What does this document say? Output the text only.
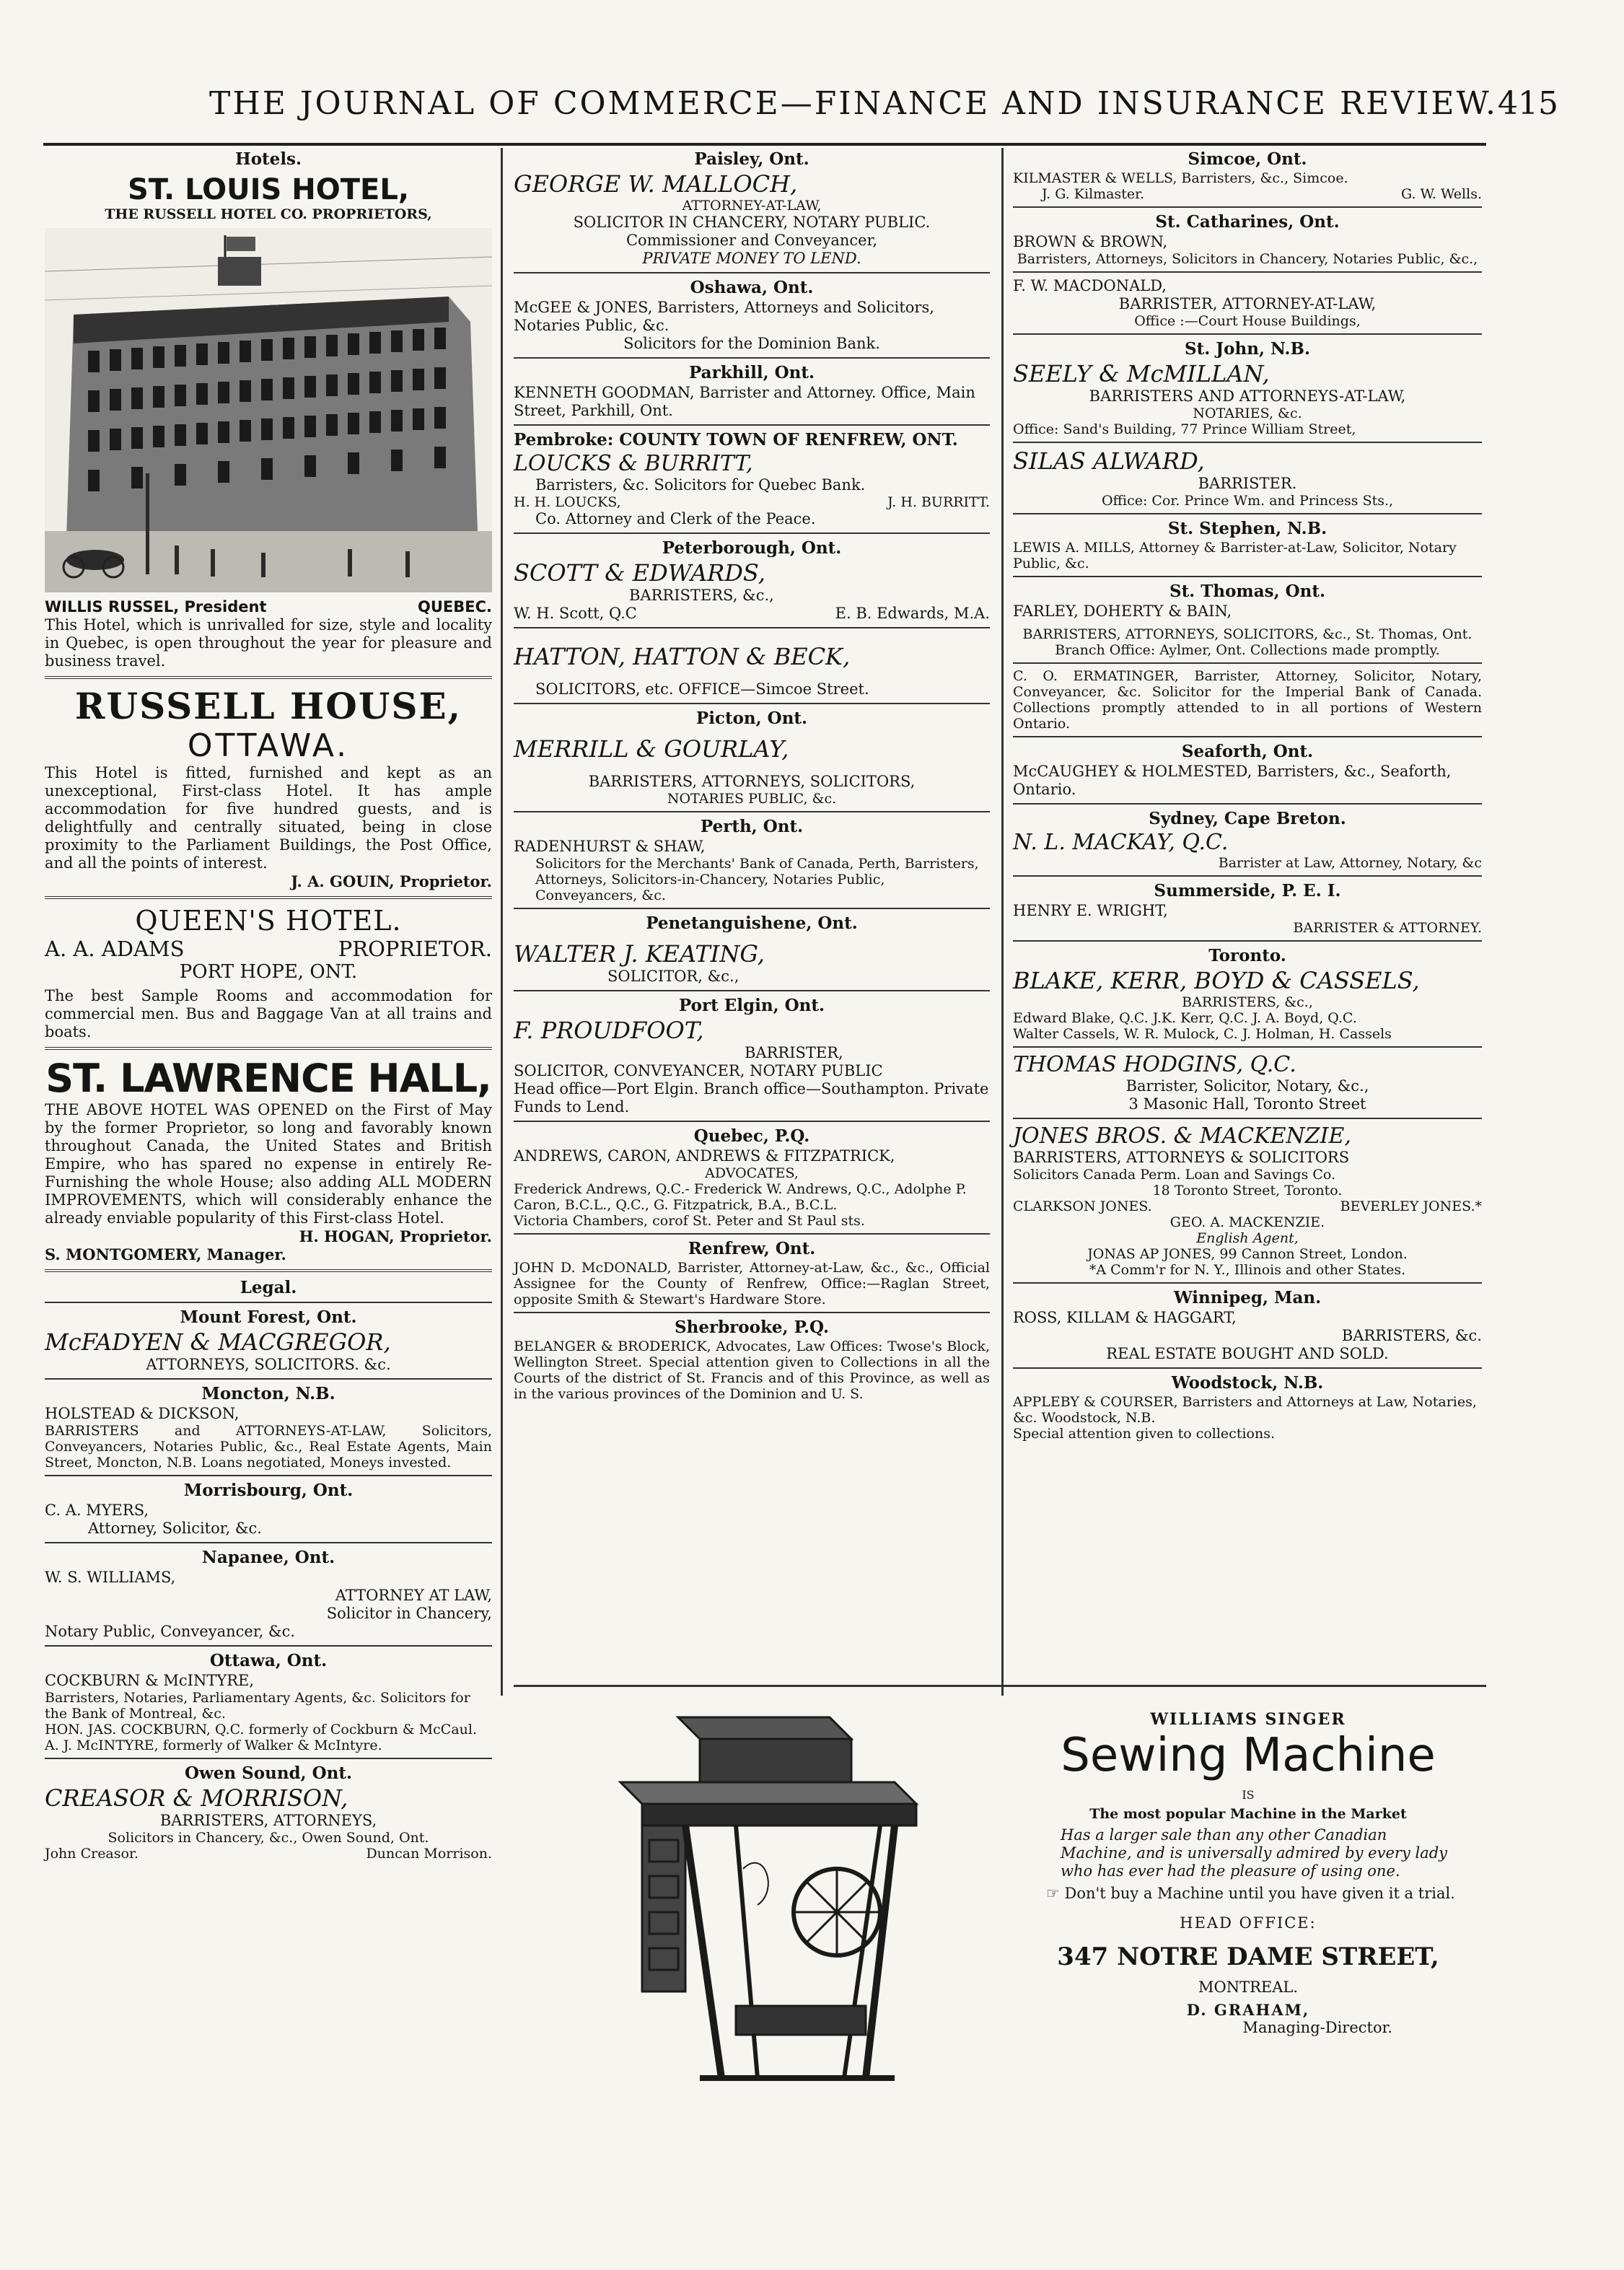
THE JOURNAL OF COMMERCE—FINANCE AND INSURANCE REVIEW. 415
Hotels.
ST. LOUIS HOTEL,
THE RUSSELL HOTEL CO. PROPRIETORS,
WILLIS RUSSEL, President	QUEBEC.

This Hotel, which is unrivalled for size, style and locality in Quebec, is open throughout the year for pleasure and business travel.

RUSSELL HOUSE,
OTTAWA.

This Hotel is fitted, furnished and kept as an unexceptional, First-class Hotel. It has ample accommodation for five hundred guests, and is delightfully and centrally situated, being in close proximity to the Parliament Buildings, the Post Office, and all the points of interest.

J. A. GOUIN, Proprietor.
QUEEN'S HOTEL.
A. A. ADAMS	PROPRIETOR.
PORT HOPE, ONT.

The best Sample Rooms and accommodation for commercial men. Bus and Baggage Van at all trains and boats.

ST. LAWRENCE HALL,

THE ABOVE HOTEL WAS OPENED on the First of May by the former Proprietor, so long and favorably known throughout Canada, the United States and British Empire, who has spared no expense in entirely Re-Furnishing the whole House; also adding ALL MODERN IMPROVEMENTS, which will considerably enhance the already enviable popularity of this First-class Hotel.

H. HOGAN, Proprietor.
S. MONTGOMERY, Manager.
Legal.
Mount Forest, Ont.
McFADYEN & MACGREGOR,
ATTORNEYS, SOLICITORS. &c.
Moncton, N.B.
HOLSTEAD & DICKSON,

BARRISTERS and ATTORNEYS-AT-LAW, Solicitors, Conveyancers, Notaries Public, &c., Real Estate Agents, Main Street, Moncton, N.B. Loans negotiated, Moneys invested.

Morrisbourg, Ont.
C. A. MYERS,
Attorney, Solicitor, &c.
Napanee, Ont.
W. S. WILLIAMS,
ATTORNEY AT LAW,
Solicitor in Chancery,
Notary Public, Conveyancer, &c.
Ottawa, Ont.
COCKBURN & McINTYRE,

Barristers, Notaries, Parliamentary Agents, &c. Solicitors for the Bank of Montreal, &c.

HON. JAS. COCKBURN, Q.C. formerly of Cockburn & McCaul.

A. J. McINTYRE, formerly of Walker & McIntyre.

Owen Sound, Ont.
CREASOR & MORRISON,
BARRISTERS, ATTORNEYS,
Solicitors in Chancery, &c., Owen Sound, Ont.
John Creasor.	Duncan Morrison.
Paisley, Ont.
GEORGE W. MALLOCH,
ATTORNEY-AT-LAW,
SOLICITOR IN CHANCERY, NOTARY PUBLIC.
Commissioner and Conveyancer,
PRIVATE MONEY TO LEND.
Oshawa, Ont.

McGEE & JONES, Barristers, Attorneys and Solicitors, Notaries Public, &c.

Solicitors for the Dominion Bank.
Parkhill, Ont.

KENNETH GOODMAN, Barrister and Attorney. Office, Main Street, Parkhill, Ont.

Pembroke: COUNTY TOWN OF RENFREW, ONT.
LOUCKS & BURRITT,
Barristers, &c. Solicitors for Quebec Bank.
H. H. LOUCKS,	J. H. BURRITT.
Co. Attorney and Clerk of the Peace.
Peterborough, Ont.
SCOTT & EDWARDS,
BARRISTERS, &c.,
W. H. Scott, Q.C	E. B. Edwards, M.A.
HATTON, HATTON & BECK,
SOLICITORS, etc. OFFICE—Simcoe Street.
Picton, Ont.
MERRILL & GOURLAY,
BARRISTERS, ATTORNEYS, SOLICITORS,
NOTARIES PUBLIC, &c.
Perth, Ont.
RADENHURST & SHAW,

Solicitors for the Merchants' Bank of Canada, Perth, Barristers, Attorneys, Solicitors-in-Chancery, Notaries Public, Conveyancers, &c.

Penetanguishene, Ont.
WALTER J. KEATING,
SOLICITOR, &c.,
Port Elgin, Ont.
F. PROUDFOOT,
BARRISTER,
SOLICITOR, CONVEYANCER, NOTARY PUBLIC

Head office—Port Elgin. Branch office—Southampton. Private Funds to Lend.

Quebec, P.Q.
ANDREWS, CARON, ANDREWS & FITZPATRICK,
ADVOCATES,

Frederick Andrews, Q.C.- Frederick W. Andrews, Q.C., Adolphe P. Caron, B.C.L., Q.C., G. Fitzpatrick, B.A., B.C.L.

Victoria Chambers, corof St. Peter and St Paul sts.

Renfrew, Ont.

JOHN D. McDONALD, Barrister, Attorney-at-Law, &c., &c., Official Assignee for the County of Renfrew, Office:—Raglan Street, opposite Smith & Stewart's Hardware Store.

Sherbrooke, P.Q.

BELANGER & BRODERICK, Advocates, Law Offices: Twose's Block, Wellington Street. Special attention given to Collections in all the Courts of the district of St. Francis and of this Province, as well as in the various provinces of the Dominion and U. S.

Simcoe, Ont.
KILMASTER & WELLS, Barristers, &c., Simcoe.
J. G. Kilmaster.	G. W. Wells.
St. Catharines, Ont.
BROWN & BROWN,

Barristers, Attorneys, Solicitors in Chancery, Notaries Public, &c.,

F. W. MACDONALD,
BARRISTER, ATTORNEY-AT-LAW,
Office :—Court House Buildings,
St. John, N.B.
SEELY & McMILLAN,
BARRISTERS AND ATTORNEYS-AT-LAW,
NOTARIES, &c.
Office: Sand's Building, 77 Prince William Street,
SILAS ALWARD,
BARRISTER.
Office: Cor. Prince Wm. and Princess Sts.,
St. Stephen, N.B.

LEWIS A. MILLS, Attorney & Barrister-at-Law, Solicitor, Notary Public, &c.

St. Thomas, Ont.
FARLEY, DOHERTY & BAIN,

BARRISTERS, ATTORNEYS, SOLICITORS, &c., St. Thomas, Ont. Branch Office: Aylmer, Ont. Collections made promptly.

C. O. ERMATINGER, Barrister, Attorney, Solicitor, Notary, Conveyancer, &c. Solicitor for the Imperial Bank of Canada. Collections promptly attended to in all portions of Western Ontario.

Seaforth, Ont.

McCAUGHEY & HOLMESTED, Barristers, &c., Seaforth, Ontario.

Sydney, Cape Breton.
N. L. MACKAY, Q.C.
Barrister at Law, Attorney, Notary, &c
Summerside, P. E. I.
HENRY E. WRIGHT,
BARRISTER & ATTORNEY.
Toronto.
BLAKE, KERR, BOYD & CASSELS,
BARRISTERS, &c.,
Edward Blake, Q.C. J.K. Kerr, Q.C. J. A. Boyd, Q.C.
Walter Cassels, W. R. Mulock, C. J. Holman, H. Cassels
THOMAS HODGINS, Q.C.
Barrister, Solicitor, Notary, &c.,
3 Masonic Hall, Toronto Street
JONES BROS. & MACKENZIE,
BARRISTERS, ATTORNEYS & SOLICITORS
Solicitors Canada Perm. Loan and Savings Co.
18 Toronto Street, Toronto.
CLARKSON JONES.	BEVERLEY JONES.*
GEO. A. MACKENZIE.
English Agent,
JONAS AP JONES, 99 Cannon Street, London.
*A Comm'r for N. Y., Illinois and other States.
Winnipeg, Man.
ROSS, KILLAM & HAGGART,
BARRISTERS, &c.
REAL ESTATE BOUGHT AND SOLD.
Woodstock, N.B.

APPLEBY & COURSER, Barristers and Attorneys at Law, Notaries, &c. Woodstock, N.B.

Special attention given to collections.
WILLIAMS SINGER
Sewing Machine
IS
The most popular Machine in the Market

Has a larger sale than any other Canadian Machine, and is universally admired by every lady who has ever had the pleasure of using one.

☞ Don't buy a Machine until you have given it a trial.
HEAD OFFICE:
347 NOTRE DAME STREET,
MONTREAL.
D. GRAHAM,
Managing-Director.
